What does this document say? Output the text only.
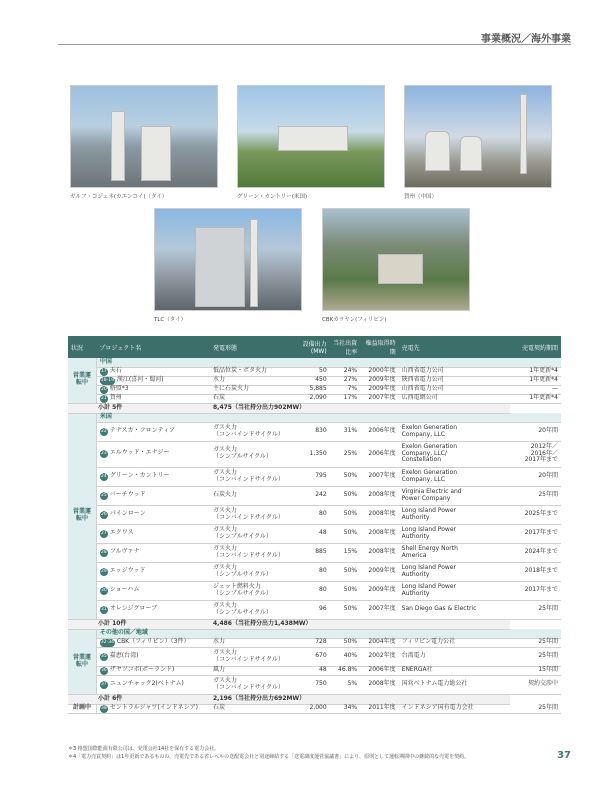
事業概況／海外事業
ガルフ・コジェネ(カエンコイ)（タイ）	グリーン・カントリー(米国)	賀州（中国）
TLC（タイ）	CBKカラヤン(フィリピン)
状況	プロジェクト名	発電形態	設備出力(MW)	当社出資比率	権益取得時期	売電先	売電契約期間
営業運転中	中国						
	17 天石	低品位炭・ボタ火力	50	24%	2000年度	山西省電力公司	1年更新*4
	18-19 漢江(喜河・蜀河)	水力	450	27%	2009年度	陝西省電力公司	1年更新*4
	20 格盟*3	主に石炭火力	5,885	7%	2009年度	山西省電力公司	—
	21 賀州	石炭	2,090	17%	2007年度	広西電網公司	1年更新*4
小計 5件		8,475（当社持分出力902MW）					
営業運転中	米国						
	22 テナスカ・フロンティア	ガス火力
（コンバインドサイクル）	830	31%	2006年度	Exelon Generation
Company, LLC	20年間
	23 エルウッド・エナジー	ガス火力
（シンプルサイクル）	1,350	25%	2006年度	Exelon Generation
Company, LLC/
Constellation	2012年／
2016年／
2017年まで
	24 グリーン・カントリー	ガス火力
（コンバインドサイクル）	795	50%	2007年度	Exelon Generation
Company, LLC	20年間
	25 バーチウッド	石炭火力	242	50%	2008年度	Virginia Electric and
Power Company	25年間
	26 パインローン	ガス火力
（コンバインドサイクル）	80	50%	2008年度	Long Island Power
Authority	2025年まで
	27 エクワス	ガス火力
（シンプルサイクル）	48	50%	2008年度	Long Island Power
Authority	2017年まで
	28 フルヴァナ	ガス火力
（コンバインドサイクル）	885	15%	2008年度	Shell Energy North
America	2024年まで
	29 エッジウッド	ガス火力
（シンプルサイクル）	80	50%	2009年度	Long Island Power
Authority	2018年まで
	30 ショーハム	ジェット燃料火力
（シンプルサイクル）	80	50%	2009年度	Long Island Power
Authority	2017年まで
	31 オレンジグローブ	ガス火力
（シンプルサイクル）	96	50%	2007年度	San Diego Gas & Electric	25年間
小計 10件		4,486（当社持分出力1,438MW）					
営業運転中	その他の国／地域						
	32-34 CBK（フィリピン）（3件）	水力	728	50%	2004年度	フィリピン電力公社	25年間
	35 嘉恵(台湾)	ガス火力
（コンバインドサイクル）	670	40%	2002年度	台湾電力	25年間
	36 ザヤツコボ(ポーランド)	風力	48	46.8%	2006年度	ENERGA社	15年間
	37 ニュンチャック2(ベトナム)	ガス火力
（コンバインドサイクル）	750	5%	2008年度	国営ベトナム電力総公社	契約交渉中
小計 6件		2,196（当社持分出力692MW）					
計画中	38 セントラルジャワ(インドネシア)	石炭	2,000	34%	2011年度	インドネシア国有電力会社	25年間
＊3 格盟国際能源有限公司は、発電会社14社を保有する電力会社。
＊4「電力売買契約」は1年更新であるものの、売電先である省レベルの送配電会社と別途締結する「送電調度運営協議書」により、原則として運転期間中の継続的な売電を契約。	37
